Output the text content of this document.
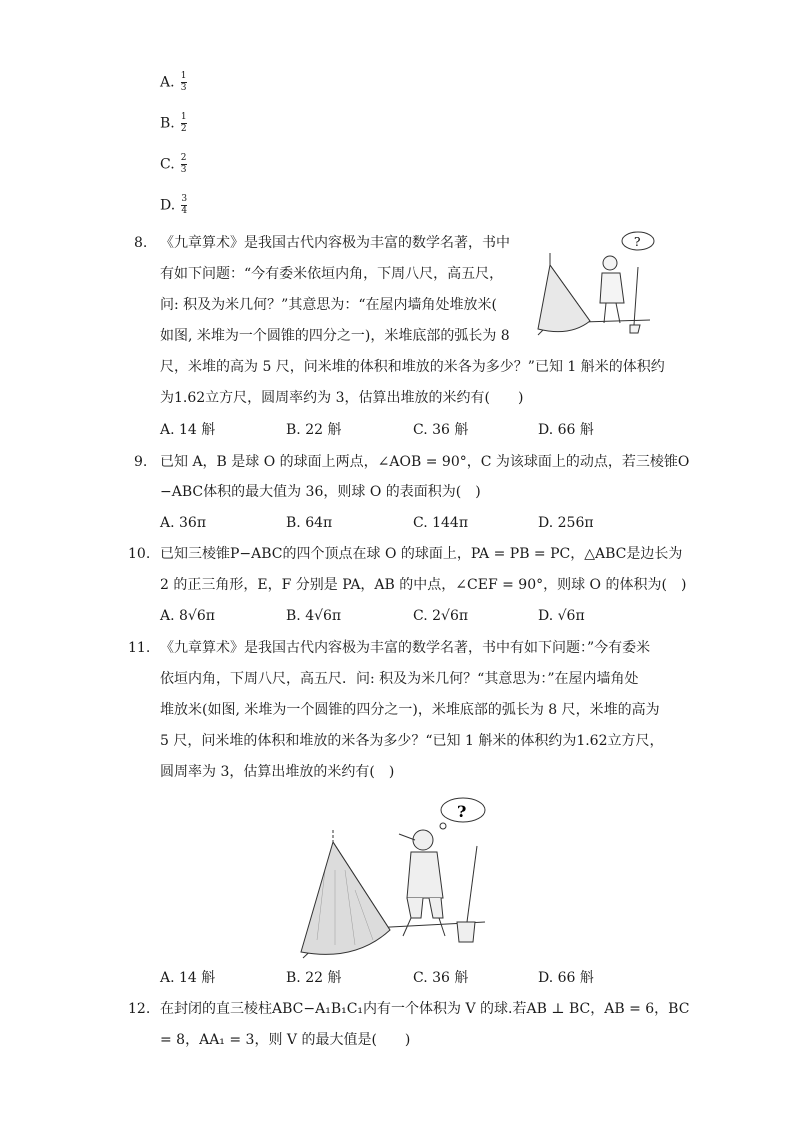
A. $\frac{1}{3}$
B. $\frac{1}{2}$
C. $\frac{2}{3}$
D. $\frac{3}{4}$
8. 《九章算术》是我国古代内容极为丰富的数学名著，书中
有如下问题：“今有委米依垣内角，下周八尺，高五尺，
问: 积及为米几何？”其意思为：“在屋内墙角处堆放米(
如图, 米堆为一个圆锥的四分之一)，米堆底部的弧长为 8
尺，米堆的高为 5 尺，问米堆的体积和堆放的米各为多少？”已知 1 斛米的体积约
为1.62立方尺，圆周率约为 3，估算出堆放的米约有(　　)
A. 14 斛	B. 22 斛	C. 36 斛	D. 66 斛
?
9. 已知 A，B 是球 O 的球面上两点，∠AOB = 90°，C 为该球面上的动点，若三棱锥O
−ABC体积的最大值为 36，则球 O 的表面积为(　)
A. 36π	B. 64π	C. 144π	D. 256π
10. 已知三棱锥P−ABC的四个顶点在球 O 的球面上，PA = PB = PC，△ABC是边长为
2 的正三角形，E，F 分别是 PA，AB 的中点，∠CEF = 90°，则球 O 的体积为(　)
A. 8√6π	B. 4√6π	C. 2√6π	D. √6π
11. 《九章算术》是我国古代内容极为丰富的数学名著，书中有如下问题：”今有委米
依垣内角，下周八尺，高五尺．问: 积及为米几何？“其意思为：”在屋内墙角处
堆放米(如图, 米堆为一个圆锥的四分之一)，米堆底部的弧长为 8 尺，米堆的高为
5 尺，问米堆的体积和堆放的米各为多少？“已知 1 斛米的体积约为1.62立方尺，
圆周率为 3，估算出堆放的米约有(　)
?
A. 14 斛	B. 22 斛	C. 36 斛	D. 66 斛
12. 在封闭的直三棱柱ABC−A₁B₁C₁内有一个体积为 V 的球.若AB ⊥ BC，AB = 6，BC
= 8，AA₁ = 3，则 V 的最大值是(　　)
